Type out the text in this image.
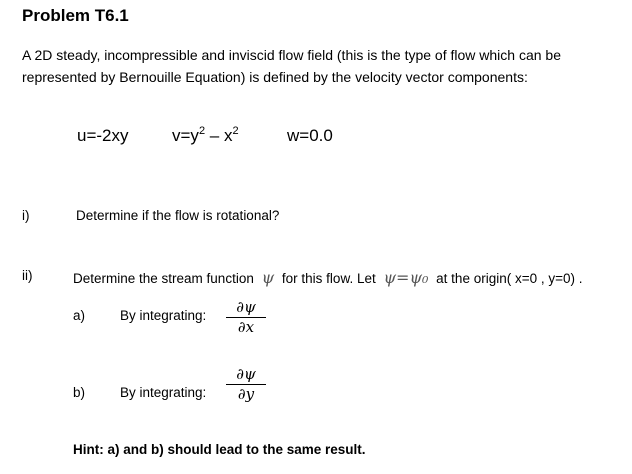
Problem T6.1
A 2D steady, incompressible and inviscid flow field (this is the type of flow which can be represented by Bernouille Equation) is defined by the velocity vector components:
u=-2xy	$v=y^2 - x^2$	w=0.0
i)	Determine if the flow is rotational?
ii)	Determine the stream function ψ for this flow. Let ψ=ψ₀ at the origin( x=0 , y=0) .
a)	By integrating: $\frac{\partial\psi}{\partial x}$
b)	By integrating: $\frac{\partial\psi}{\partial y}$
Hint: a) and b) should lead to the same result.
